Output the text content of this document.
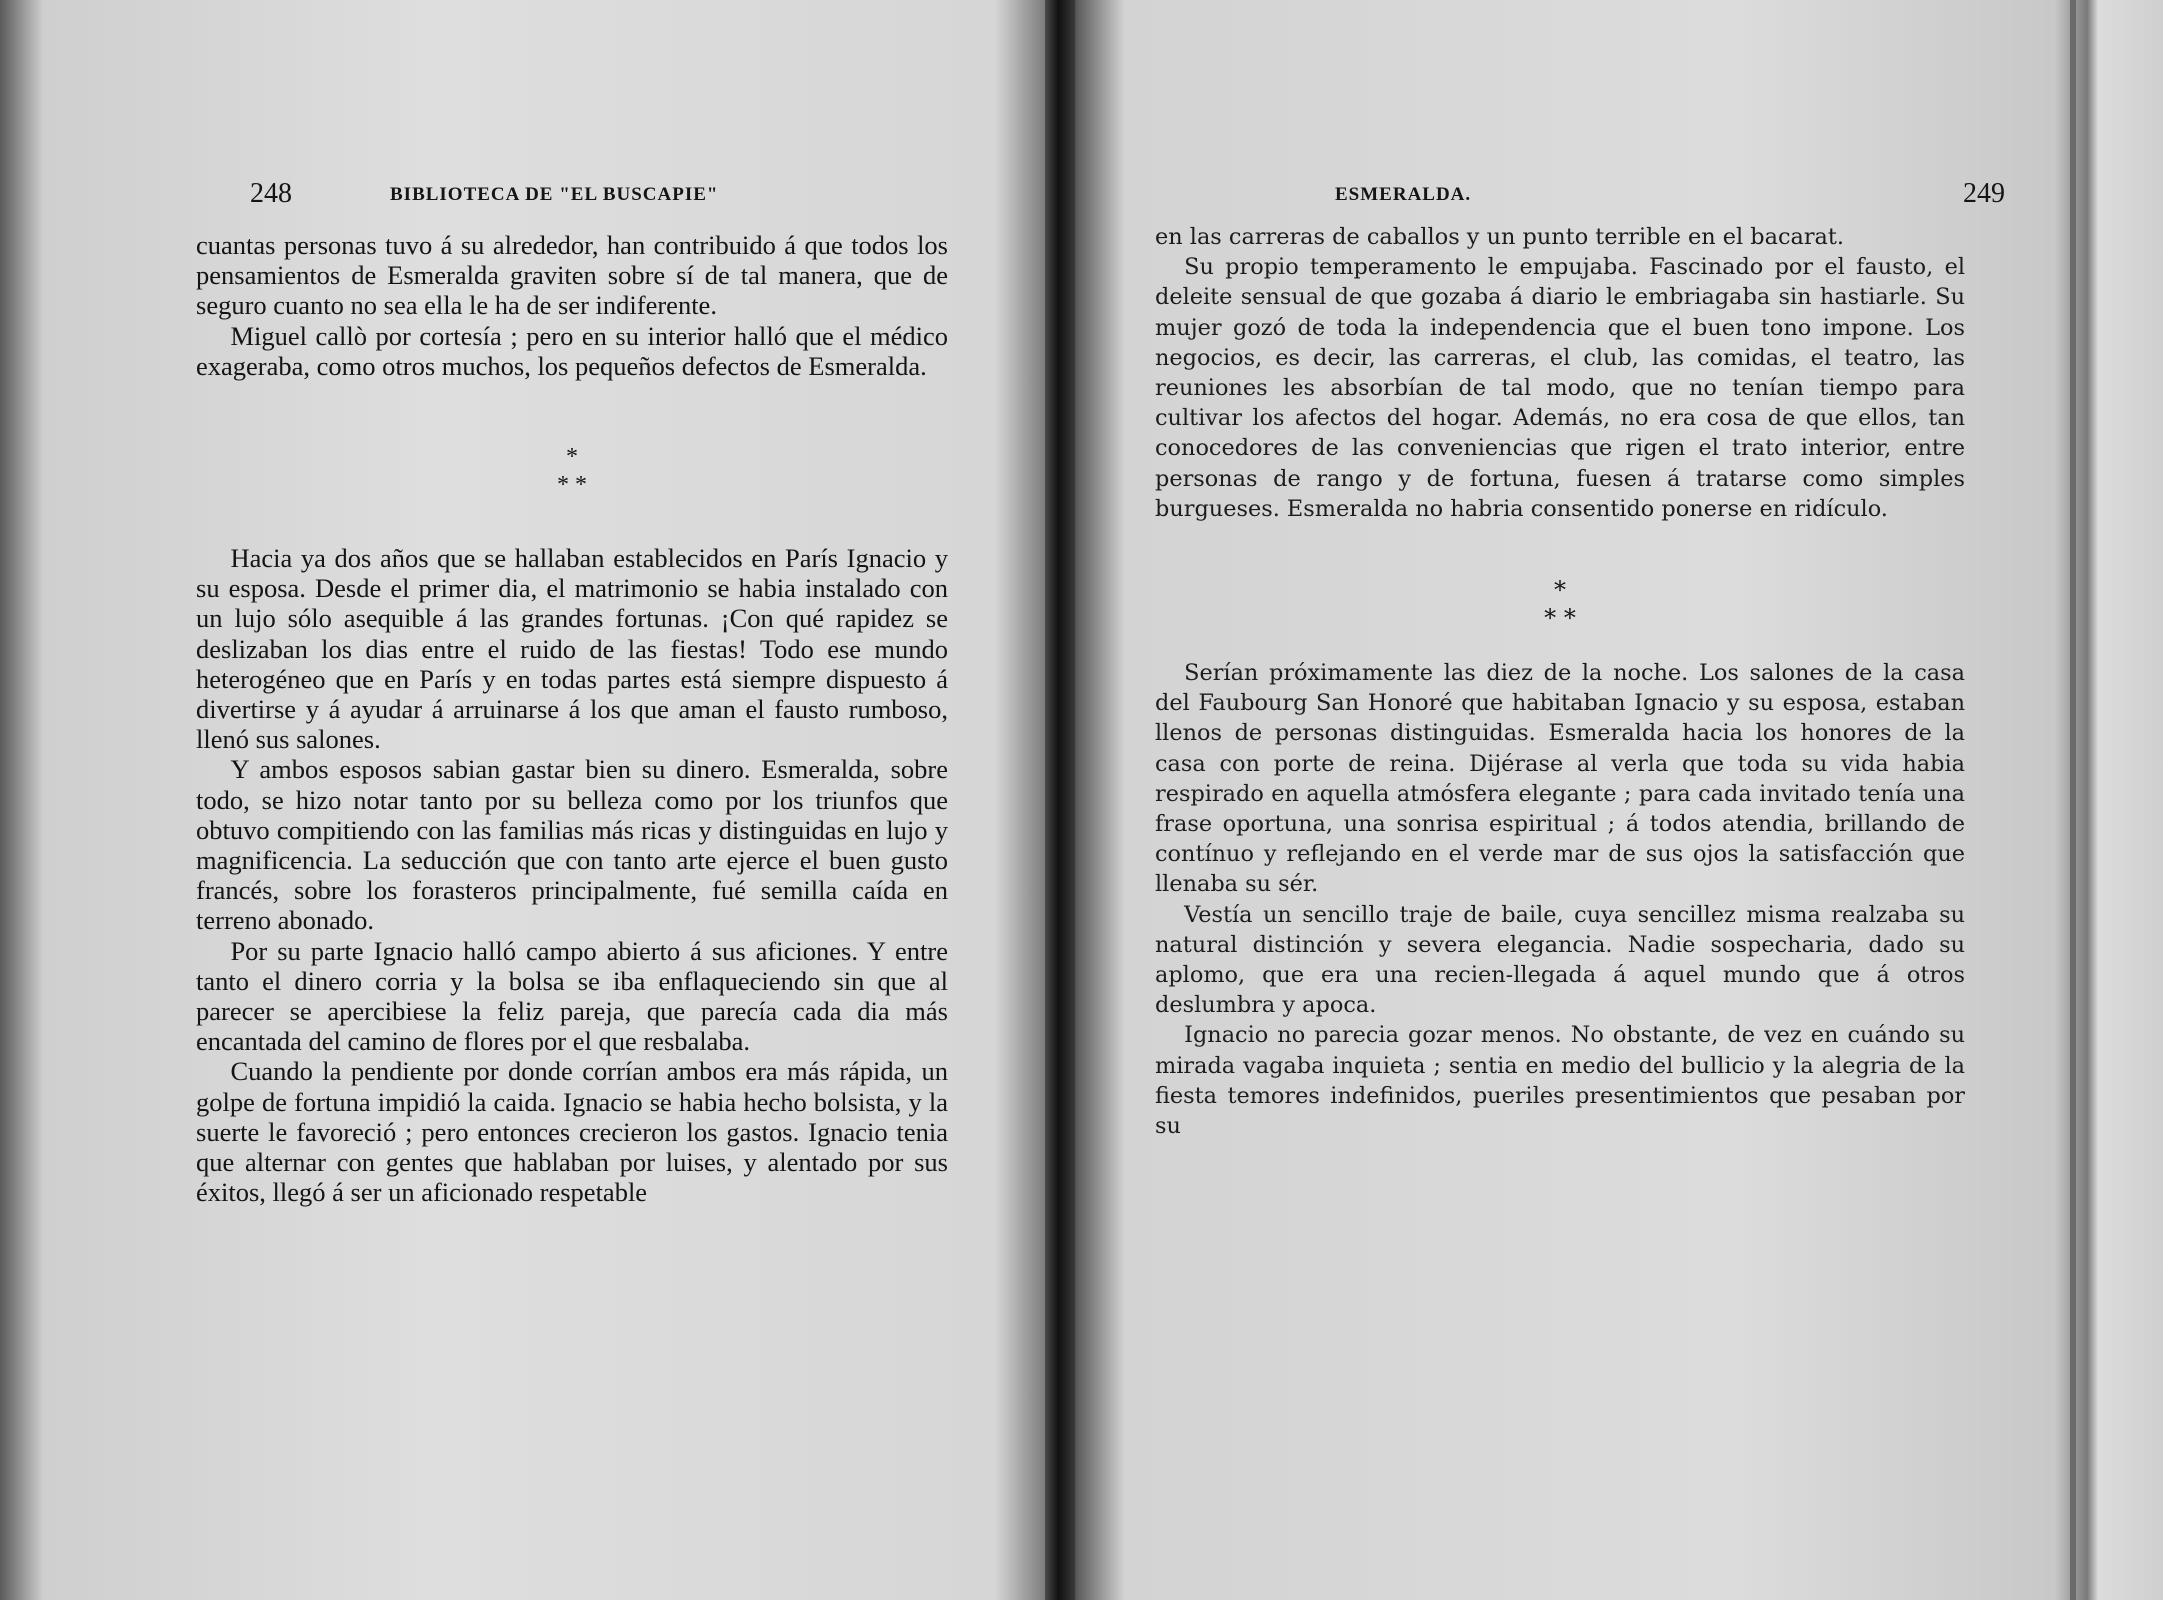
248	BIBLIOTECA DE "EL BUSCAPIE"

cuantas personas tuvo á su alrededor, han contribuido á que todos los pensamientos de Esmeralda graviten sobre sí de tal manera, que de seguro cuanto no sea ella le ha de ser indiferente.

Miguel callò por cortesía ; pero en su interior halló que el médico exageraba, como otros muchos, los pequeños defectos de Esmeralda.

*
* *

Hacia ya dos años que se hallaban establecidos en París Ignacio y su esposa. Desde el primer dia, el matrimonio se habia instalado con un lujo sólo asequible á las grandes fortunas. ¡Con qué rapidez se deslizaban los dias entre el ruido de las fiestas! Todo ese mundo heterogéneo que en París y en todas partes está siempre dispuesto á divertirse y á ayudar á arruinarse á los que aman el fausto rumboso, llenó sus salones.

Y ambos esposos sabian gastar bien su dinero. Esmeralda, sobre todo, se hizo notar tanto por su belleza como por los triunfos que obtuvo compitiendo con las familias más ricas y distinguidas en lujo y magnificencia. La seducción que con tanto arte ejerce el buen gusto francés, sobre los forasteros principalmente, fué semilla caída en terreno abonado.

Por su parte Ignacio halló campo abierto á sus aficiones. Y entre tanto el dinero corria y la bolsa se iba enflaqueciendo sin que al parecer se apercibiese la feliz pareja, que parecía cada dia más encantada del camino de flores por el que resbalaba.

Cuando la pendiente por donde corrían ambos era más rápida, un golpe de fortuna impidió la caida. Ignacio se habia hecho bolsista, y la suerte le favoreció ; pero entonces crecieron los gastos. Ignacio tenia que alternar con gentes que hablaban por luises, y alentado por sus éxitos, llegó á ser un aficionado respetable

ESMERALDA.	249

en las carreras de caballos y un punto terrible en el bacarat.

Su propio temperamento le empujaba. Fascinado por el fausto, el deleite sensual de que gozaba á diario le embriagaba sin hastiarle. Su mujer gozó de toda la independencia que el buen tono impone. Los negocios, es decir, las carreras, el club, las comidas, el teatro, las reuniones les absorbían de tal modo, que no tenían tiempo para cultivar los afectos del hogar. Además, no era cosa de que ellos, tan conocedores de las conveniencias que rigen el trato interior, entre personas de rango y de fortuna, fuesen á tratarse como simples burgueses. Esmeralda no habria consentido ponerse en ridículo.

*
* *

Serían próximamente las diez de la noche. Los salones de la casa del Faubourg San Honoré que habitaban Ignacio y su esposa, estaban llenos de personas distinguidas. Esmeralda hacia los honores de la casa con porte de reina. Dijérase al verla que toda su vida habia respirado en aquella atmósfera elegante ; para cada invitado tenía una frase oportuna, una sonrisa espiritual ; á todos atendia, brillando de contínuo y reflejando en el verde mar de sus ojos la satisfacción que llenaba su sér.

Vestía un sencillo traje de baile, cuya sencillez misma realzaba su natural distinción y severa elegancia. Nadie sospecharia, dado su aplomo, que era una recien-llegada á aquel mundo que á otros deslumbra y apoca.

Ignacio no parecia gozar menos. No obstante, de vez en cuándo su mirada vagaba inquieta ; sentia en medio del bullicio y la alegria de la fiesta temores indefinidos, pueriles presentimientos que pesaban por su
